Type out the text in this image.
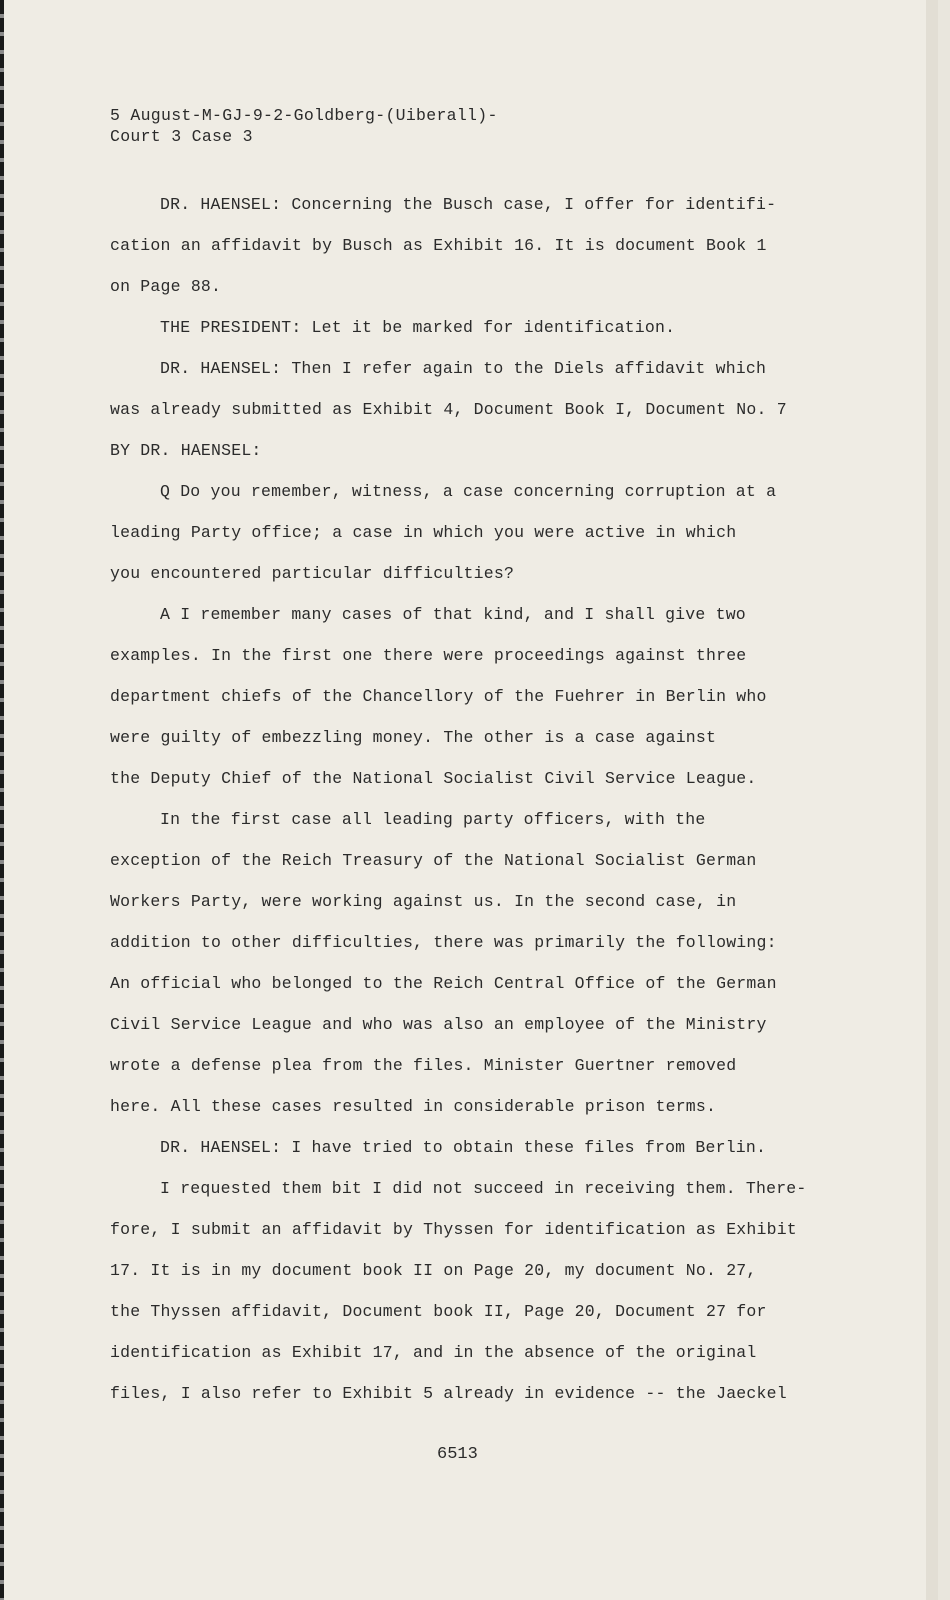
5 August-M-GJ-9-2-Goldberg-(Uiberall)-
Court 3 Case 3
DR. HAENSEL: Concerning the Busch case, I offer for identifi-
cation an affidavit by Busch as Exhibit 16. It is document Book 1
on Page 88.
THE PRESIDENT: Let it be marked for identification.
DR. HAENSEL: Then I refer again to the Diels affidavit which
was already submitted as Exhibit 4, Document Book I, Document No. 7
BY DR. HAENSEL:
Q Do you remember, witness, a case concerning corruption at a
leading Party office; a case in which you were active in which
you encountered particular difficulties?
A I remember many cases of that kind, and I shall give two
examples. In the first one there were proceedings against three
department chiefs of the Chancellory of the Fuehrer in Berlin who
were guilty of embezzling money. The other is a case against
the Deputy Chief of the National Socialist Civil Service League.
In the first case all leading party officers, with the
exception of the Reich Treasury of the National Socialist German
Workers Party, were working against us. In the second case, in
addition to other difficulties, there was primarily the following:
An official who belonged to the Reich Central Office of the German
Civil Service League and who was also an employee of the Ministry
wrote a defense plea from the files. Minister Guertner removed
here. All these cases resulted in considerable prison terms.
DR. HAENSEL: I have tried to obtain these files from Berlin.
I requested them bit I did not succeed in receiving them. There-
fore, I submit an affidavit by Thyssen for identification as Exhibit
17. It is in my document book II on Page 20, my document No. 27,
the Thyssen affidavit, Document book II, Page 20, Document 27 for
identification as Exhibit 17, and in the absence of the original
files, I also refer to Exhibit 5 already in evidence -- the Jaeckel
6513
